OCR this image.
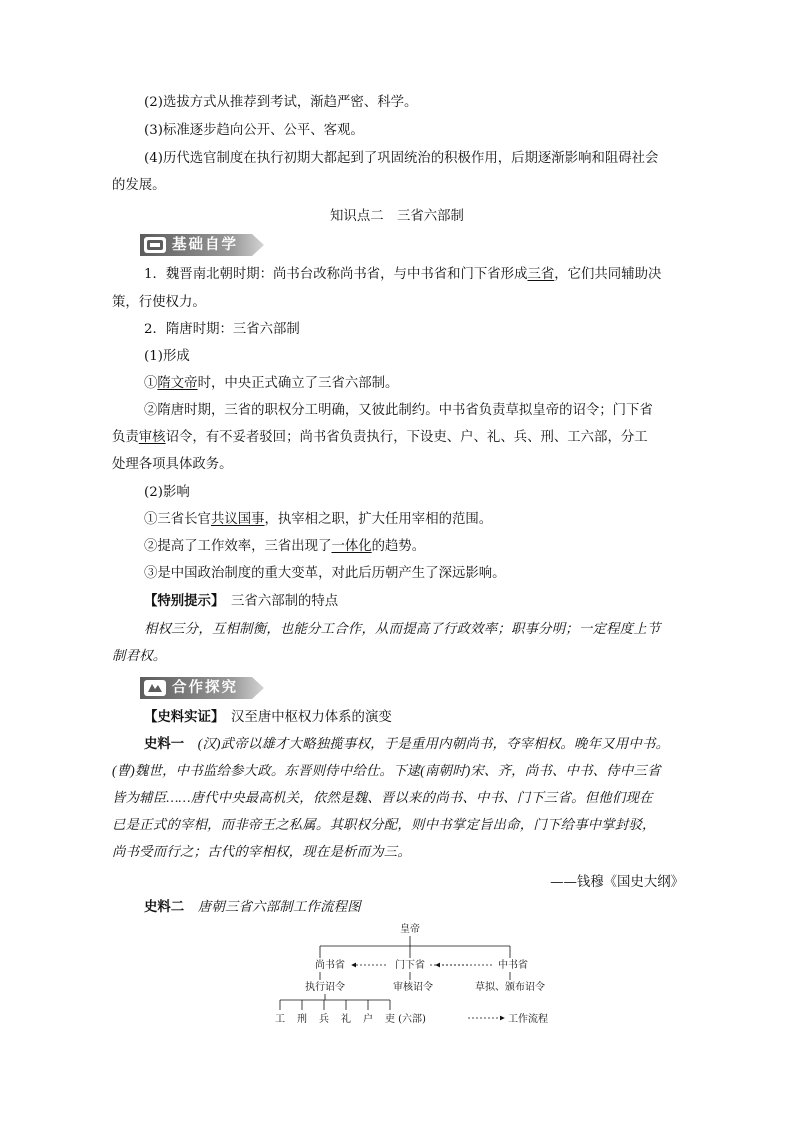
(2)选拔方式从推荐到考试，渐趋严密、科学。
(3)标准逐步趋向公开、公平、客观。
(4)历代选官制度在执行初期大都起到了巩固统治的积极作用，后期逐渐影响和阻碍社会
的发展。
知识点二　三省六部制
基础自学
1．魏晋南北朝时期：尚书台改称尚书省，与中书省和门下省形成三省，它们共同辅助决
策，行使权力。
2．隋唐时期：三省六部制
(1)形成
①隋文帝时，中央正式确立了三省六部制。
②隋唐时期，三省的职权分工明确，又彼此制约。中书省负责草拟皇帝的诏令；门下省
负责审核诏令，有不妥者驳回；尚书省负责执行，下设吏、户、礼、兵、刑、工六部，分工
处理各项具体政务。
(2)影响
①三省长官共议国事，执宰相之职，扩大任用宰相的范围。
②提高了工作效率，三省出现了一体化的趋势。
③是中国政治制度的重大变革，对此后历朝产生了深远影响。
【特别提示】　三省六部制的特点
相权三分，互相制衡，也能分工合作，从而提高了行政效率；职事分明；一定程度上节
制君权。
合作探究
【史料实证】　汉至唐中枢权力体系的演变
史料一　(汉)武帝以雄才大略独揽事权，于是重用内朝尚书，夺宰相权。晚年又用中书。
(曹)魏世，中书监给参大政。东晋则侍中给仕。下逮(南朝时)宋、齐，尚书、中书、侍中三省
皆为辅臣……唐代中央最高机关，依然是魏、晋以来的尚书、中书、门下三省。但他们现在
已是正式的宰相，而非帝王之私属。其职权分配，则中书掌定旨出命，门下给事中掌封驳，
尚书受而行之；古代的宰相权，现在是析而为三。
——钱穆《国史大纲》
史料二　唐朝三省六部制工作流程图
皇帝
尚书省	门下省	中书省
执行诏令	审核诏令	草拟、颁布诏令
工 刑 兵 礼 户 吏 (六部)	工作流程
